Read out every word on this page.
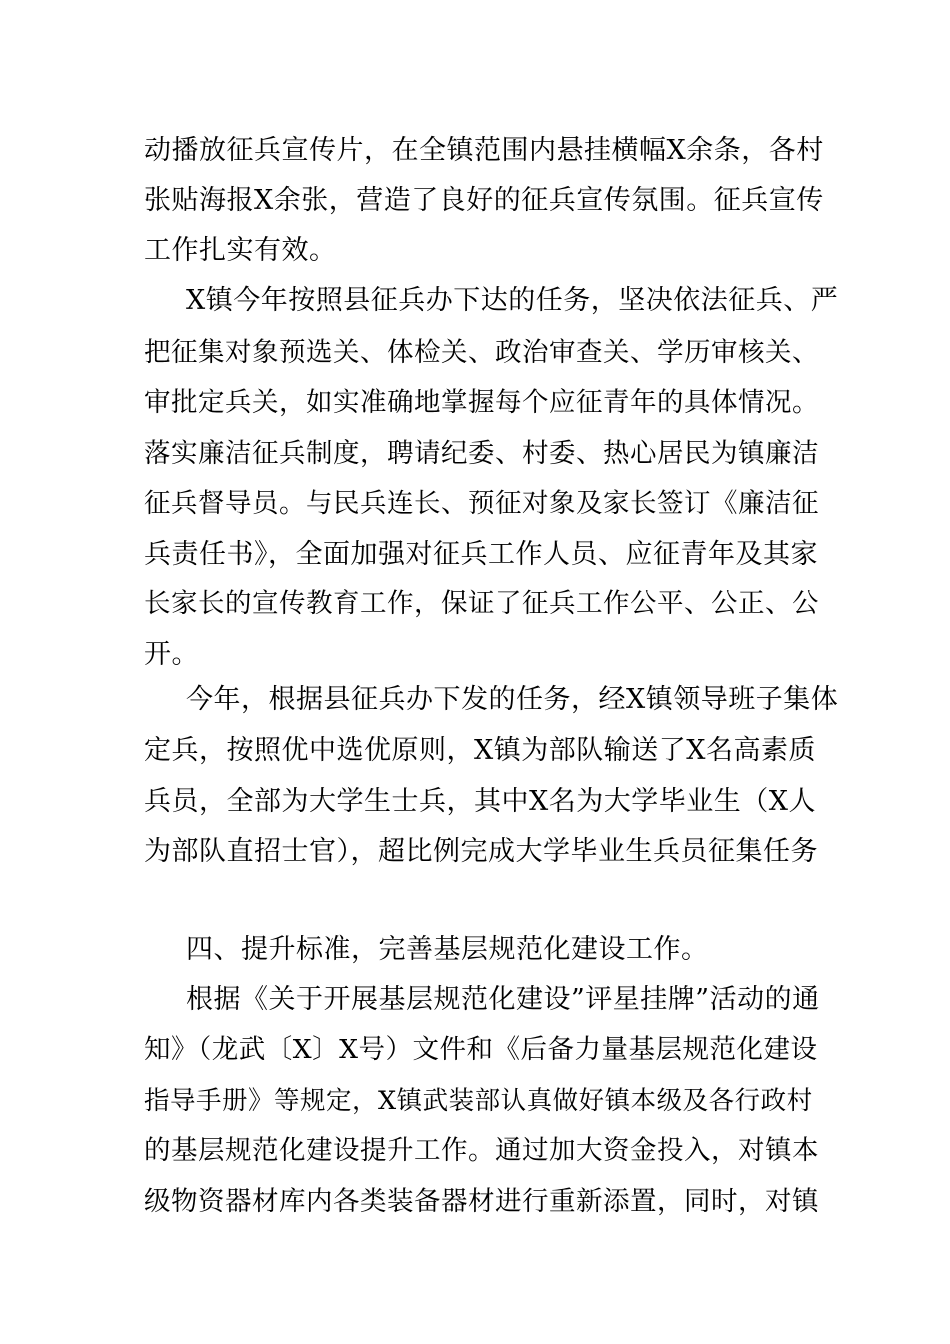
动播放征兵宣传片，在全镇范围内悬挂横幅X余条，各村
张贴海报X余张，营造了良好的征兵宣传氛围。征兵宣传
工作扎实有效。
X镇今年按照县征兵办下达的任务，坚决依法征兵、严
把征集对象预选关、体检关、政治审查关、学历审核关、
审批定兵关，如实准确地掌握每个应征青年的具体情况。
落实廉洁征兵制度，聘请纪委、村委、热心居民为镇廉洁
征兵督导员。与民兵连长、预征对象及家长签订《廉洁征
兵责任书》，全面加强对征兵工作人员、应征青年及其家
长家长的宣传教育工作，保证了征兵工作公平、公正、公
开。
今年，根据县征兵办下发的任务，经X镇领导班子集体
定兵，按照优中选优原则，X镇为部队输送了X名高素质
兵员，全部为大学生士兵，其中X名为大学毕业生（X人
为部队直招士官），超比例完成大学毕业生兵员征集任务
四、提升标准，完善基层规范化建设工作。
根据《关于开展基层规范化建设”评星挂牌”活动的通
知》（龙武〔X〕X号）文件和《后备力量基层规范化建设
指导手册》等规定，X镇武装部认真做好镇本级及各行政村
的基层规范化建设提升工作。通过加大资金投入，对镇本
级物资器材库内各类装备器材进行重新添置，同时，对镇
